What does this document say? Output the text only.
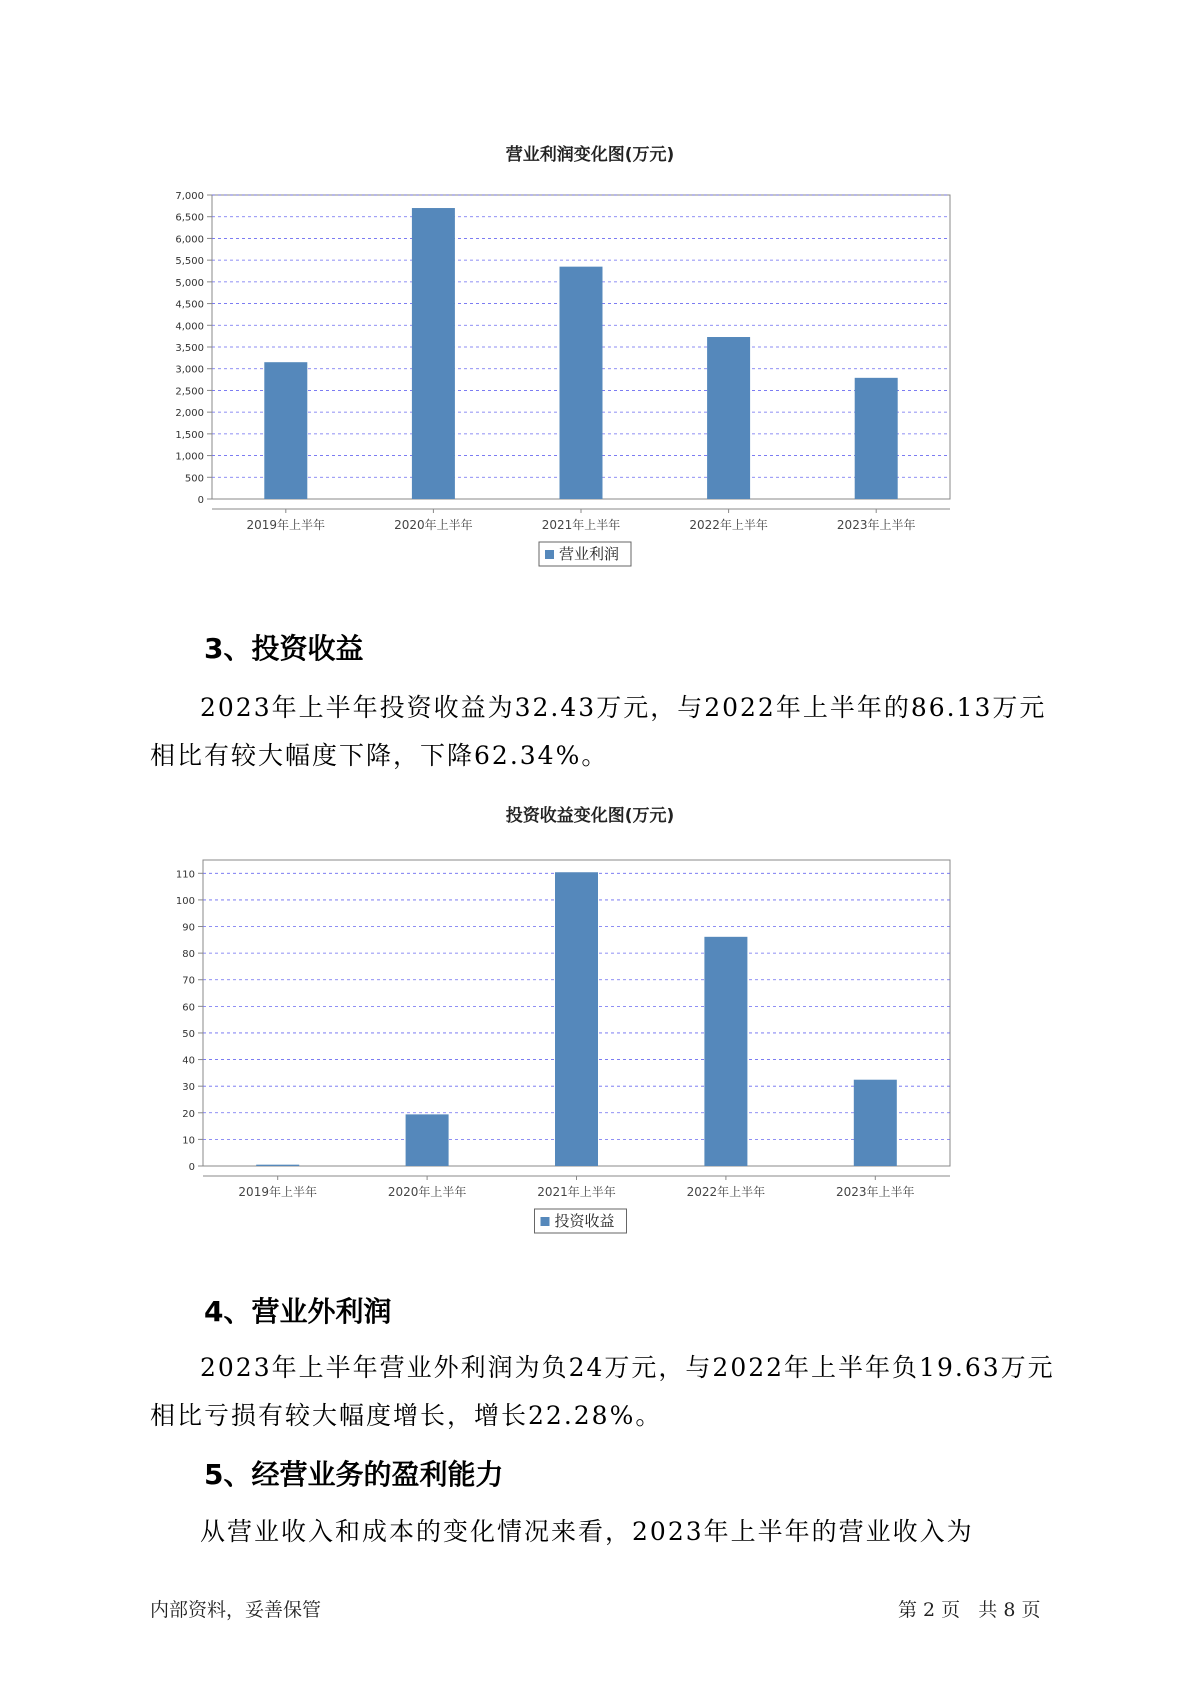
营业利润变化图(万元)
0
500
1,000
1,500
2,000
2,500
3,000
3,500
4,000
4,500
5,000
5,500
6,000
6,500
7,000
2019年上半年	2020年上半年	2021年上半年	2022年上半年	2023年上半年
营业利润
3、投资收益

2023年上半年投资收益为32.43万元，与2022年上半年的86.13万元相比有较大幅度下降，下降62.34%。

投资收益变化图(万元)
0
10
20
30
40
50
60
70
80
90
100
110
2019年上半年	2020年上半年	2021年上半年	2022年上半年	2023年上半年
投资收益
4、营业外利润

2023年上半年营业外利润为负24万元，与2022年上半年负19.63万元相比亏损有较大幅度增长，增长22.28%。

5、经营业务的盈利能力

从营业收入和成本的变化情况来看，2023年上半年的营业收入为

内部资料，妥善保管	第 2 页   共 8 页
